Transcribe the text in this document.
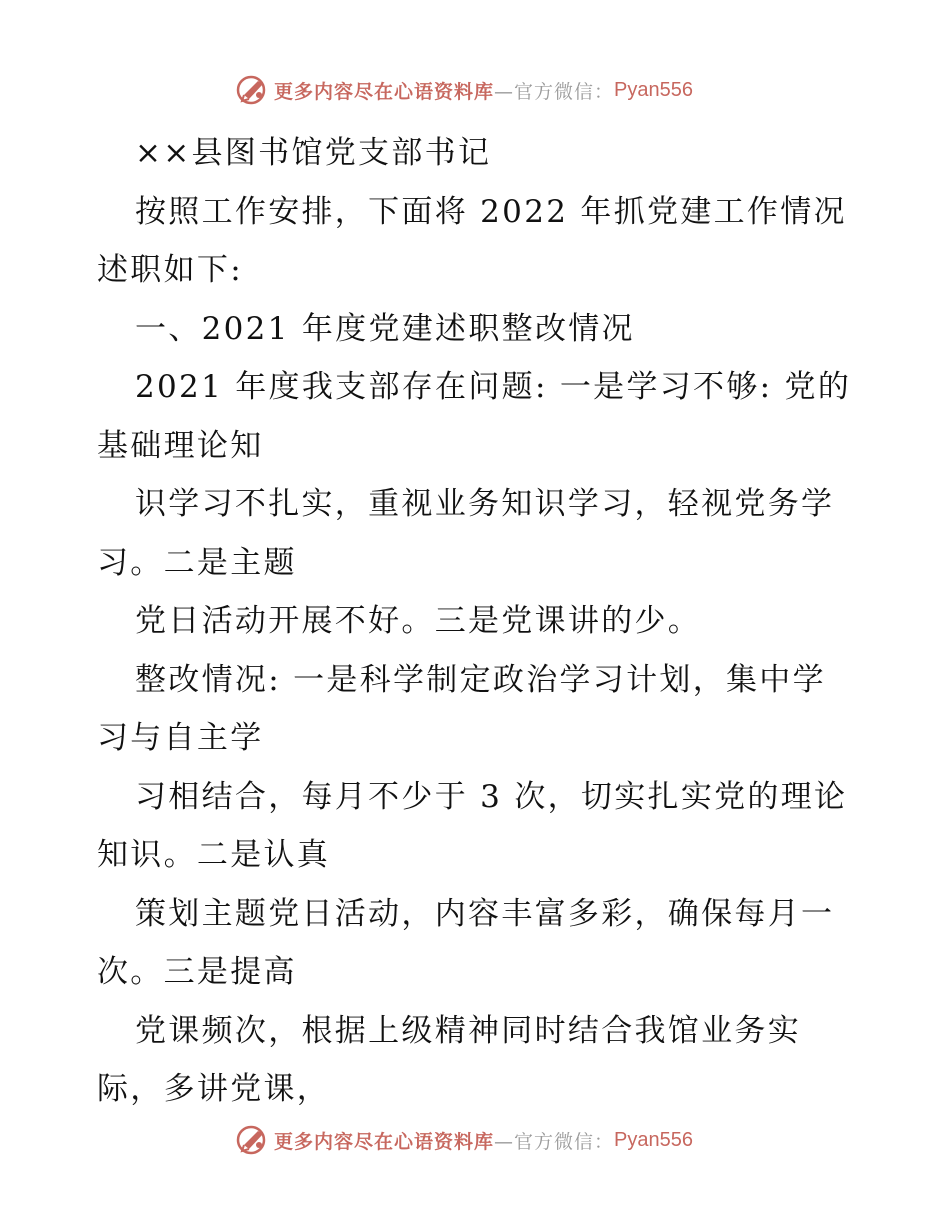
更多内容尽在心语资料库 —官方微信： Pyan556

××县图书馆党支部书记

按照工作安排，下面将 2022 年抓党建工作情况述职如下:

一、2021 年度党建述职整改情况

2021 年度我支部存在问题: 一是学习不够: 党的基础理论知

识学习不扎实，重视业务知识学习，轻视党务学习。二是主题

党日活动开展不好。三是党课讲的少。

整改情况: 一是科学制定政治学习计划，集中学习与自主学

习相结合，每月不少于 3 次，切实扎实党的理论知识。二是认真

策划主题党日活动，内容丰富多彩，确保每月一次。三是提高

党课频次，根据上级精神同时结合我馆业务实际，多讲党课，

更多内容尽在心语资料库 —官方微信： Pyan556
